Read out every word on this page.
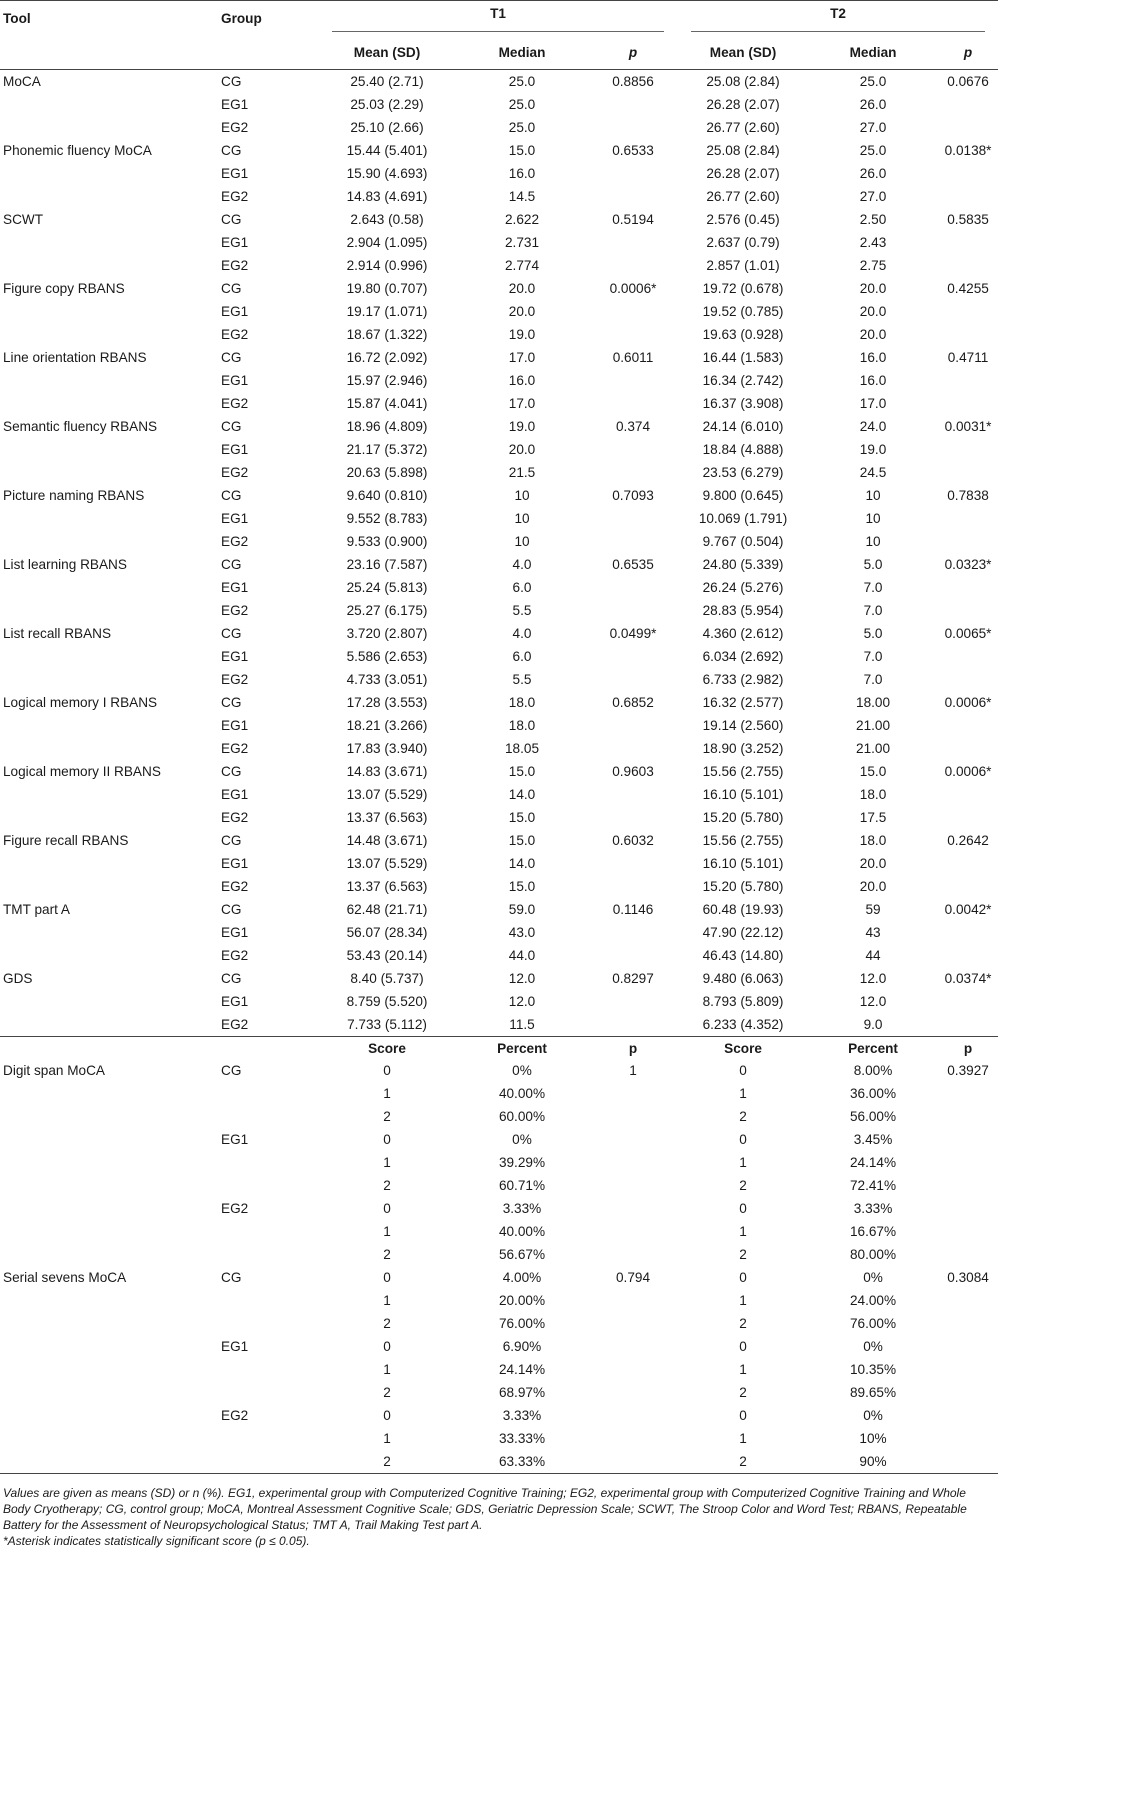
Tool	Group	T1			T2		

		Mean (SD)	Median	p	Mean (SD)	Median	p
MoCA	CG	25.40 (2.71)	25.0	0.8856	25.08 (2.84)	25.0	0.0676
	EG1	25.03 (2.29)	25.0		26.28 (2.07)	26.0	
	EG2	25.10 (2.66)	25.0		26.77 (2.60)	27.0	
Phonemic fluency MoCA	CG	15.44 (5.401)	15.0	0.6533	25.08 (2.84)	25.0	0.0138*
	EG1	15.90 (4.693)	16.0		26.28 (2.07)	26.0	
	EG2	14.83 (4.691)	14.5		26.77 (2.60)	27.0	
SCWT	CG	2.643 (0.58)	2.622	0.5194	2.576 (0.45)	2.50	0.5835
	EG1	2.904 (1.095)	2.731		2.637 (0.79)	2.43	
	EG2	2.914 (0.996)	2.774		2.857 (1.01)	2.75	
Figure copy RBANS	CG	19.80 (0.707)	20.0	0.0006*	19.72 (0.678)	20.0	0.4255
	EG1	19.17 (1.071)	20.0		19.52 (0.785)	20.0	
	EG2	18.67 (1.322)	19.0		19.63 (0.928)	20.0	
Line orientation RBANS	CG	16.72 (2.092)	17.0	0.6011	16.44 (1.583)	16.0	0.4711
	EG1	15.97 (2.946)	16.0		16.34 (2.742)	16.0	
	EG2	15.87 (4.041)	17.0		16.37 (3.908)	17.0	
Semantic fluency RBANS	CG	18.96 (4.809)	19.0	0.374	24.14 (6.010)	24.0	0.0031*
	EG1	21.17 (5.372)	20.0		18.84 (4.888)	19.0	
	EG2	20.63 (5.898)	21.5		23.53 (6.279)	24.5	
Picture naming RBANS	CG	9.640 (0.810)	10	0.7093	9.800 (0.645)	10	0.7838
	EG1	9.552 (8.783)	10		10.069 (1.791)	10	
	EG2	9.533 (0.900)	10		9.767 (0.504)	10	
List learning RBANS	CG	23.16 (7.587)	4.0	0.6535	24.80 (5.339)	5.0	0.0323*
	EG1	25.24 (5.813)	6.0		26.24 (5.276)	7.0	
	EG2	25.27 (6.175)	5.5		28.83 (5.954)	7.0	
List recall RBANS	CG	3.720 (2.807)	4.0	0.0499*	4.360 (2.612)	5.0	0.0065*
	EG1	5.586 (2.653)	6.0		6.034 (2.692)	7.0	
	EG2	4.733 (3.051)	5.5		6.733 (2.982)	7.0	
Logical memory I RBANS	CG	17.28 (3.553)	18.0	0.6852	16.32 (2.577)	18.00	0.0006*
	EG1	18.21 (3.266)	18.0		19.14 (2.560)	21.00	
	EG2	17.83 (3.940)	18.05		18.90 (3.252)	21.00	
Logical memory II RBANS	CG	14.83 (3.671)	15.0	0.9603	15.56 (2.755)	15.0	0.0006*
	EG1	13.07 (5.529)	14.0		16.10 (5.101)	18.0	
	EG2	13.37 (6.563)	15.0		15.20 (5.780)	17.5	
Figure recall RBANS	CG	14.48 (3.671)	15.0	0.6032	15.56 (2.755)	18.0	0.2642
	EG1	13.07 (5.529)	14.0		16.10 (5.101)	20.0	
	EG2	13.37 (6.563)	15.0		15.20 (5.780)	20.0	
TMT part A	CG	62.48 (21.71)	59.0	0.1146	60.48 (19.93)	59	0.0042*
	EG1	56.07 (28.34)	43.0		47.90 (22.12)	43	
	EG2	53.43 (20.14)	44.0		46.43 (14.80)	44	
GDS	CG	8.40 (5.737)	12.0	0.8297	9.480 (6.063)	12.0	0.0374*
	EG1	8.759 (5.520)	12.0		8.793 (5.809)	12.0	
	EG2	7.733 (5.112)	11.5		6.233 (4.352)	9.0	
		Score	Percent	p	Score	Percent	p
Digit span MoCA	CG	0	0%	1	0	8.00%	0.3927
		1	40.00%		1	36.00%	
		2	60.00%		2	56.00%	
	EG1	0	0%		0	3.45%	
		1	39.29%		1	24.14%	
		2	60.71%		2	72.41%	
	EG2	0	3.33%		0	3.33%	
		1	40.00%		1	16.67%	
		2	56.67%		2	80.00%	
Serial sevens MoCA	CG	0	4.00%	0.794	0	0%	0.3084
		1	20.00%		1	24.00%	
		2	76.00%		2	76.00%	
	EG1	0	6.90%		0	0%	
		1	24.14%		1	10.35%	
		2	68.97%		2	89.65%	
	EG2	0	3.33%		0	0%	
		1	33.33%		1	10%	
		2	63.33%		2	90%	
Values are given as means (SD) or n (%). EG1, experimental group with Computerized Cognitive Training; EG2, experimental group with Computerized Cognitive Training and Whole Body Cryotherapy; CG, control group; MoCA, Montreal Assessment Cognitive Scale; GDS, Geriatric Depression Scale; SCWT, The Stroop Color and Word Test; RBANS, Repeatable Battery for the Assessment of Neuropsychological Status; TMT A, Trail Making Test part A.
*Asterisk indicates statistically significant score (p ≤ 0.05).
